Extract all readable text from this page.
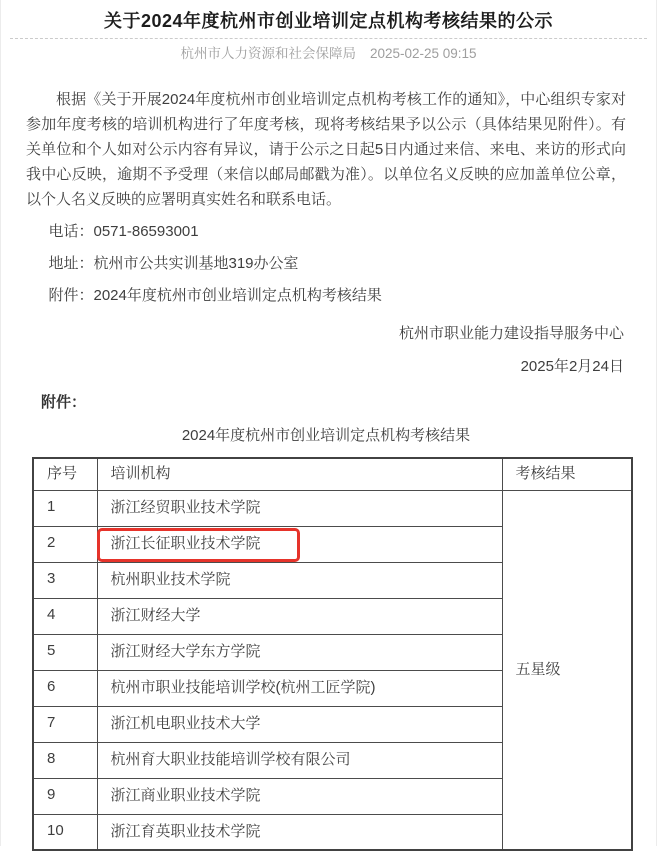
关于2024年度杭州市创业培训定点机构考核结果的公示
杭州市人力资源和社会保障局 2025-02-25 09:15

根据《关于开展2024年度杭州市创业培训定点机构考核工作的通知》，中心组织专家对参加年度考核的培训机构进行了年度考核，现将考核结果予以公示（具体结果见附件）。有关单位和个人如对公示内容有异议，请于公示之日起5日内通过来信、来电、来访的形式向我中心反映，逾期不予受理（来信以邮局邮戳为准）。以单位名义反映的应加盖单位公章，以个人名义反映的应署明真实姓名和联系电话。

电话：0571-86593001

地址：杭州市公共实训基地319办公室

附件：2024年度杭州市创业培训定点机构考核结果

杭州市职业能力建设指导服务中心

2025年2月24日

附件：

2024年度杭州市创业培训定点机构考核结果

序号	培训机构	考核结果
1	浙江经贸职业技术学院	五星级
2	浙江长征职业技术学院	

3	杭州职业技术学院	
4	浙江财经大学	
5	浙江财经大学东方学院	
6	杭州市职业技能培训学校(杭州工匠学院)	
7	浙江机电职业技术大学	
8	杭州育大职业技能培训学校有限公司	
9	浙江商业职业技术学院	
10	浙江育英职业技术学院	
